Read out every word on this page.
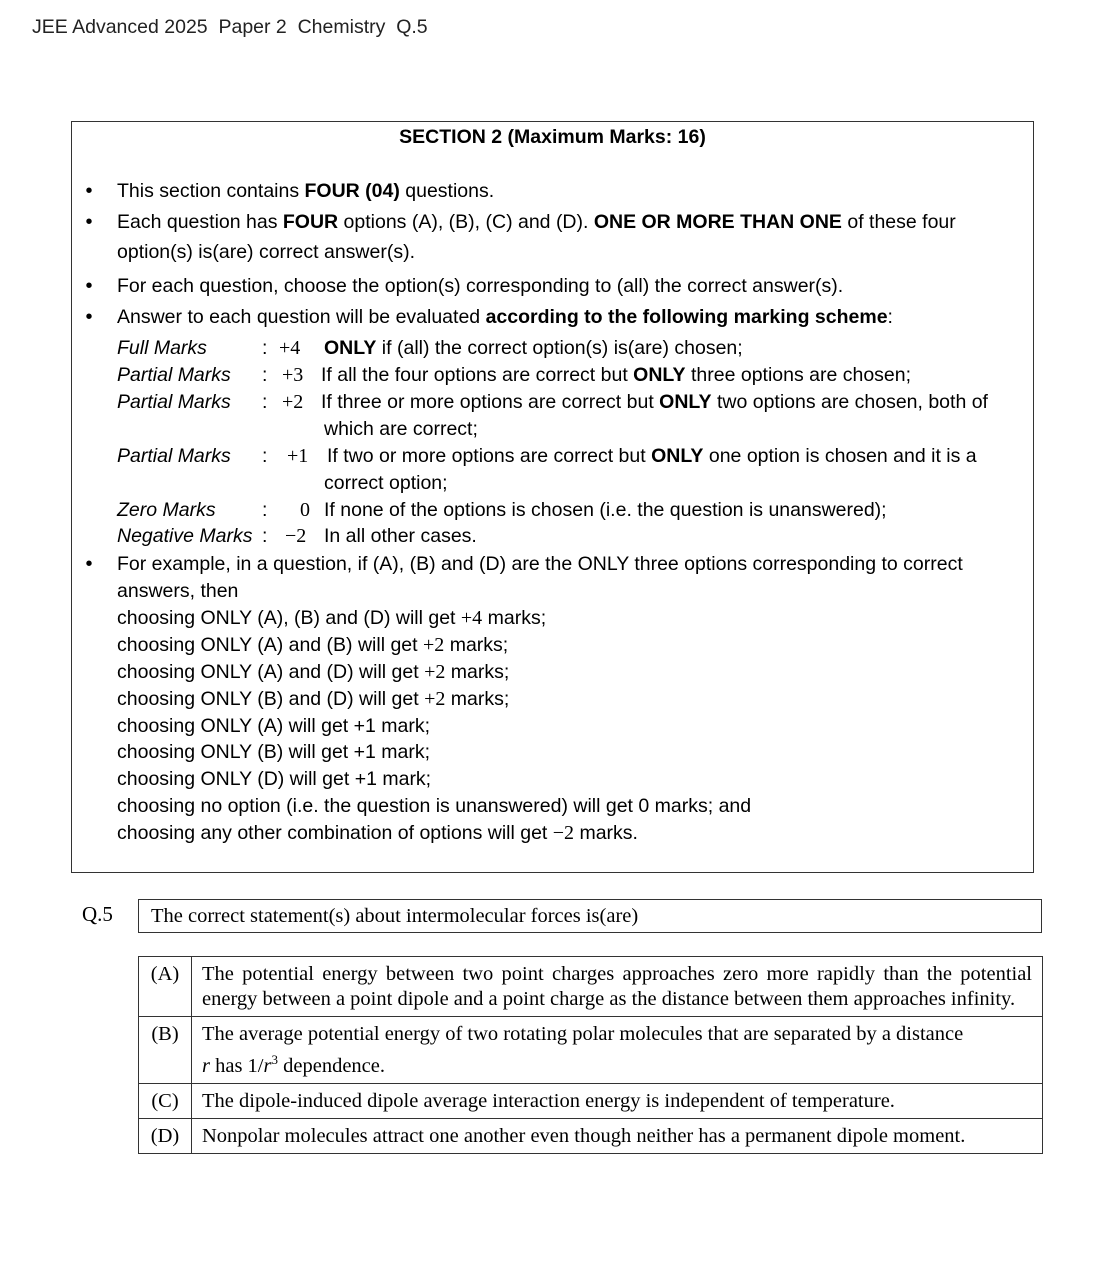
JEE Advanced 2025  Paper 2  Chemistry  Q.5
SECTION 2 (Maximum Marks: 16)
•
This section contains FOUR (04) questions.
•
Each question has FOUR options (A), (B), (C) and (D). ONE OR MORE THAN ONE of these four
option(s) is(are) correct answer(s).
•
For each question, choose the option(s) corresponding to (all) the correct answer(s).
•
Answer to each question will be evaluated according to the following marking scheme:
Full Marks	: +4 ONLY if (all) the correct option(s) is(are) chosen;
Partial Marks : +3 If all the four options are correct but ONLY three options are chosen;
Partial Marks : +2 If three or more options are correct but ONLY two options are chosen, both of
which are correct;
Partial Marks : +1 If two or more options are correct but ONLY one option is chosen and it is a
correct option;
Zero Marks : 0 If none of the options is chosen (i.e. the question is unanswered);
Negative Marks : −2 In all other cases.
•
For example, in a question, if (A), (B) and (D) are the ONLY three options corresponding to correct
answers, then
choosing ONLY (A), (B) and (D) will get +4 marks;
choosing ONLY (A) and (B) will get +2 marks;
choosing ONLY (A) and (D) will get +2 marks;
choosing ONLY (B) and (D) will get +2 marks;
choosing ONLY (A) will get +1 mark;
choosing ONLY (B) will get +1 mark;
choosing ONLY (D) will get +1 mark;
choosing no option (i.e. the question is unanswered) will get 0 marks; and
choosing any other combination of options will get −2 marks.
Q.5	The correct statement(s) about intermolecular forces is(are)
(A)	The potential energy between two point charges approaches zero more rapidly than the potential energy between a point dipole and a point charge as the distance between them approaches infinity.
(B)	The average potential energy of two rotating polar molecules that are separated by a distance
r has $1/r^3$ dependence.
(C)	The dipole-induced dipole average interaction energy is independent of temperature.
(D)	Nonpolar molecules attract one another even though neither has a permanent dipole moment.
